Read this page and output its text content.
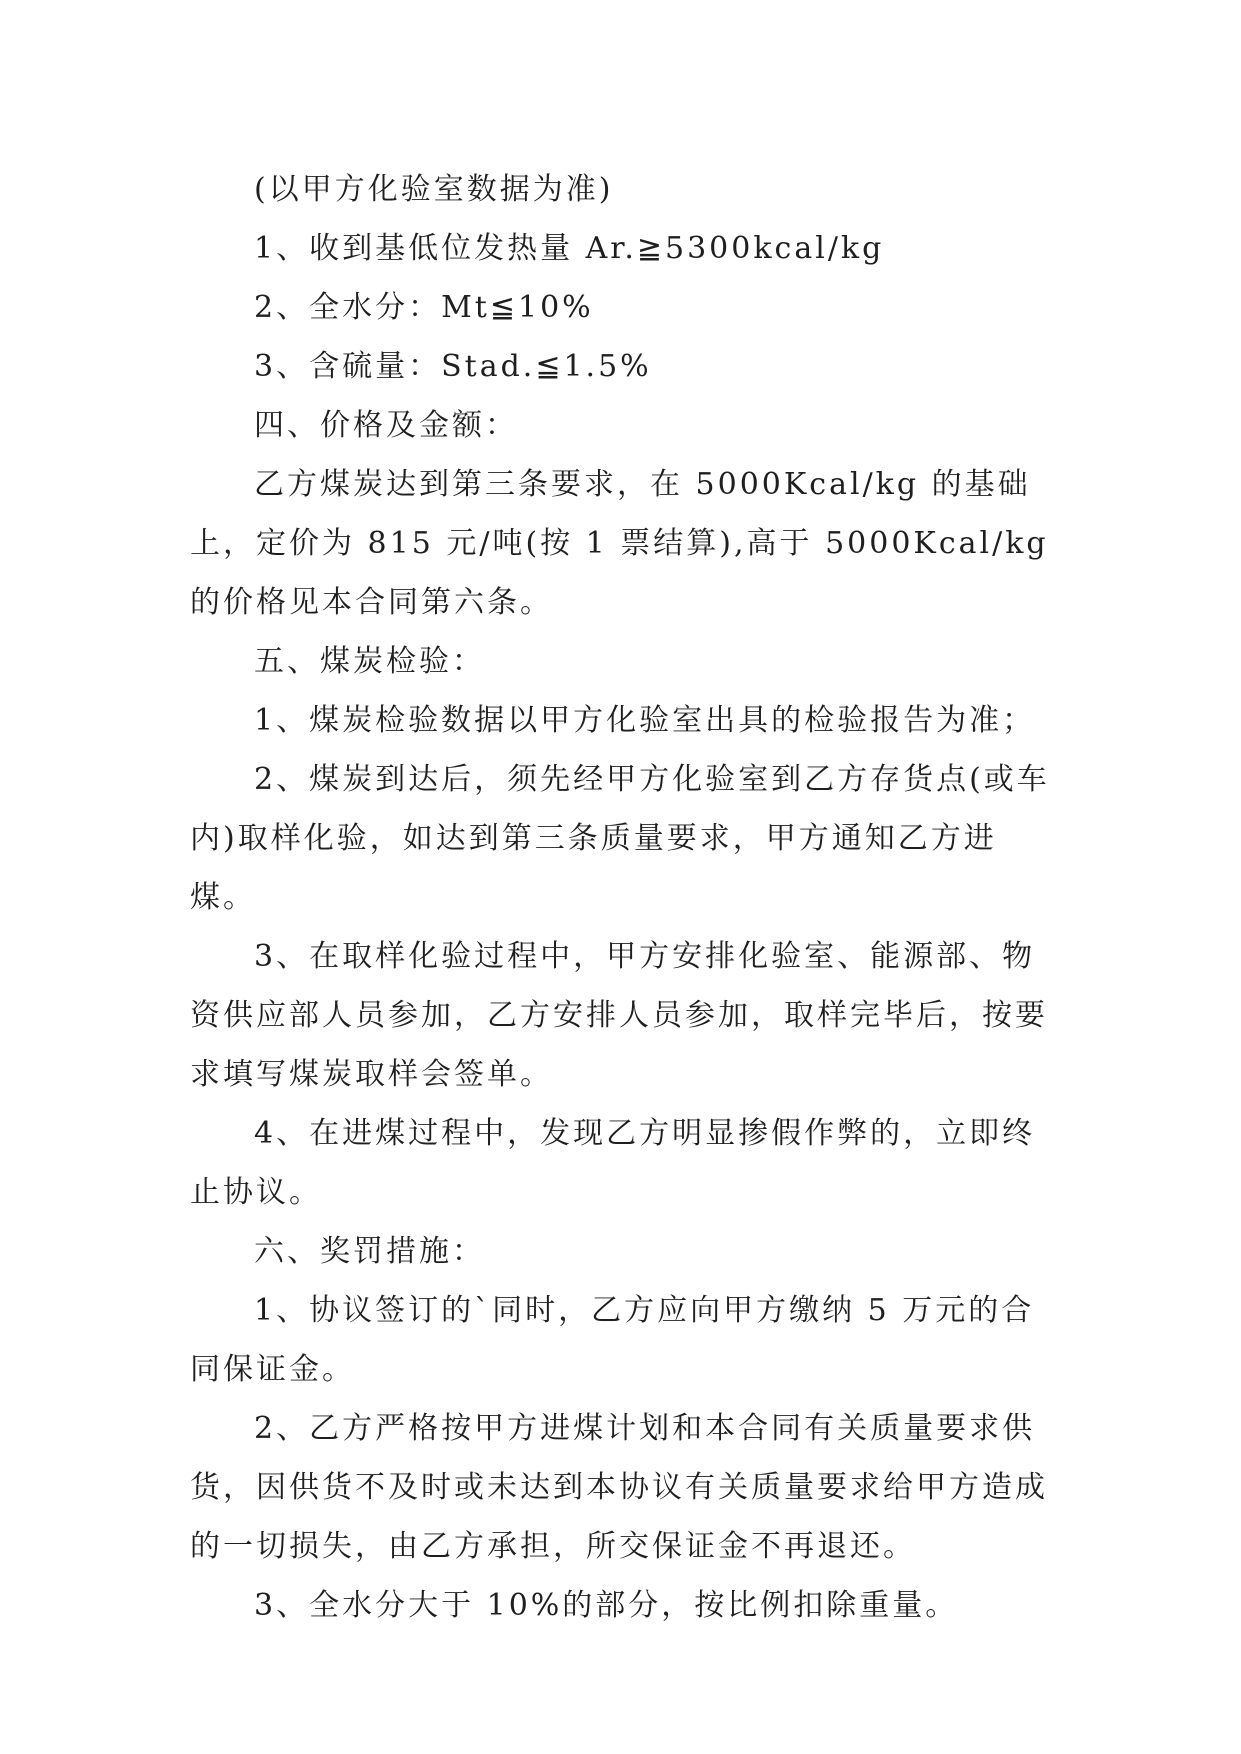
(以甲方化验室数据为准)

1、收到基低位发热量 Ar.≧5300kcal/kg

2、全水分：Mt≦10%

3、含硫量：Stad.≦1.5%

四、价格及金额：

乙方煤炭达到第三条要求，在 5000Kcal/kg 的基础上，定价为 815 元/吨(按 1 票结算),高于 5000Kcal/kg 的价格见本合同第六条。

五、煤炭检验：

1、煤炭检验数据以甲方化验室出具的检验报告为准；

2、煤炭到达后，须先经甲方化验室到乙方存货点(或车内)取样化验，如达到第三条质量要求，甲方通知乙方进煤。

3、在取样化验过程中，甲方安排化验室、能源部、物资供应部人员参加，乙方安排人员参加，取样完毕后，按要求填写煤炭取样会签单。

4、在进煤过程中，发现乙方明显掺假作弊的，立即终止协议。

六、奖罚措施：

1、协议签订的`同时，乙方应向甲方缴纳 5 万元的合同保证金。

2、乙方严格按甲方进煤计划和本合同有关质量要求供货，因供货不及时或未达到本协议有关质量要求给甲方造成的一切损失，由乙方承担，所交保证金不再退还。

3、全水分大于 10%的部分，按比例扣除重量。
